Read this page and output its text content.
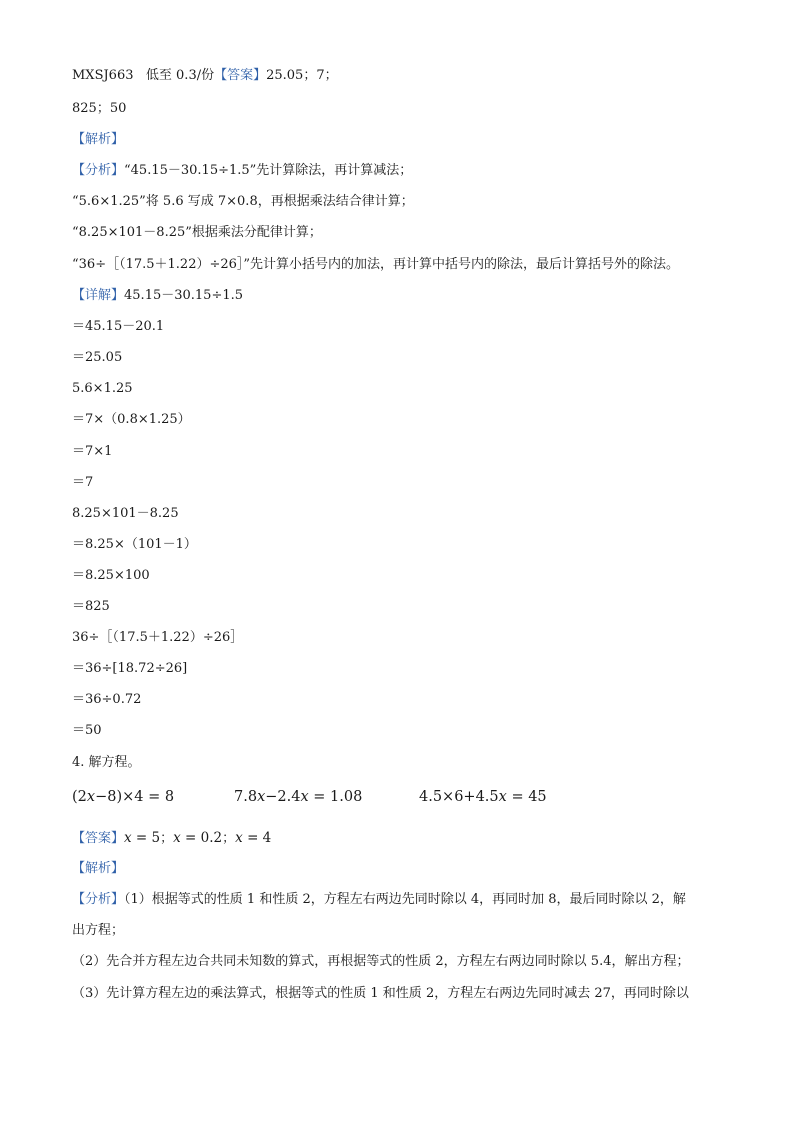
MXSJ663 低至 0.3/份【答案】25.05；7；

825；50

【解析】

【分析】“45.15－30.15÷1.5”先计算除法，再计算减法；

“5.6×1.25”将 5.6 写成 7×0.8，再根据乘法结合律计算；

“8.25×101－8.25”根据乘法分配律计算；

“36÷［（17.5＋1.22）÷26］”先计算小括号内的加法，再计算中括号内的除法，最后计算括号外的除法。

【详解】45.15－30.15÷1.5

＝45.15－20.1

＝25.05

5.6×1.25

＝7×（0.8×1.25）

＝7×1

＝7

8.25×101－8.25

＝8.25×（101－1）

＝8.25×100

＝825

36÷［（17.5＋1.22）÷26］

＝36÷[18.72÷26]

＝36÷0.72

＝50

4. 解方程。

(2x−8)×4 = 8	7.8x−2.4x = 1.08	4.5×6+4.5x = 45

【答案】x = 5；x = 0.2；x = 4

【解析】

【分析】（1）根据等式的性质 1 和性质 2，方程左右两边先同时除以 4，再同时加 8，最后同时除以 2，解

出方程；

（2）先合并方程左边合共同未知数的算式，再根据等式的性质 2，方程左右两边同时除以 5.4，解出方程；

（3）先计算方程左边的乘法算式，根据等式的性质 1 和性质 2，方程左右两边先同时减去 27，再同时除以
